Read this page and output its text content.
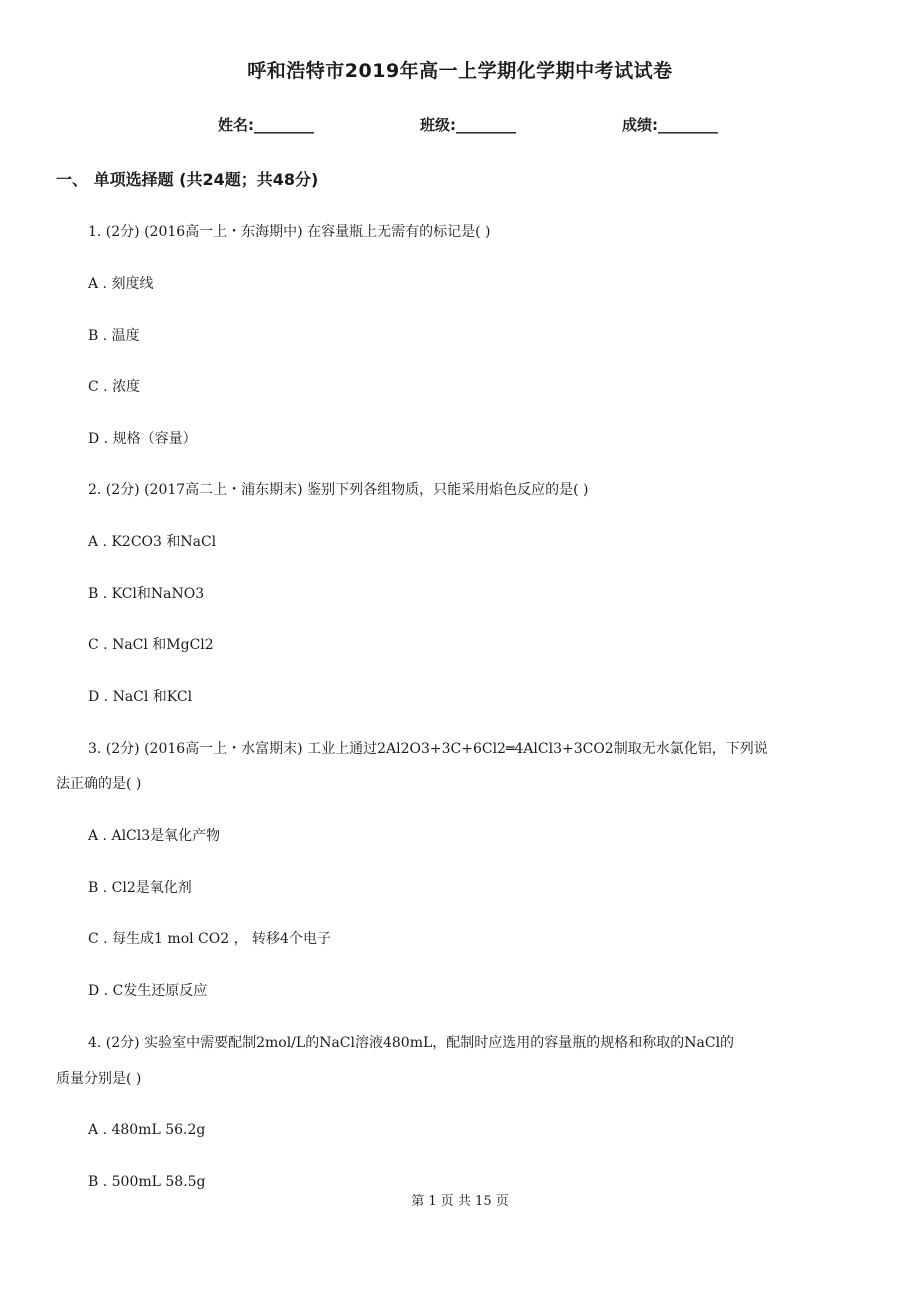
呼和浩特市2019年高一上学期化学期中考试试卷
姓名:________	班级:________	成绩:________
一、 单项选择题 (共24题；共48分)
1. (2分) (2016高一上・东海期中) 在容量瓶上无需有的标记是( )
A . 刻度线
B . 温度
C . 浓度
D . 规格（容量）
2. (2分) (2017高二上・浦东期末) 鉴别下列各组物质，只能采用焰色反应的是( )
A . K2CO3 和NaCl
B . KCl和NaNO3
C . NaCl 和MgCl2
D . NaCl 和KCl
3. (2分) (2016高一上・水富期末) 工业上通过2Al2O3+3C+6Cl2═4AlCl3+3CO2制取无水氯化铝，下列说
法正确的是( )
A . AlCl3是氧化产物
B . Cl2是氧化剂
C . 每生成1 mol CO2 ， 转移4个电子
D . C发生还原反应
4. (2分) 实验室中需要配制2mol/L的NaCl溶液480mL，配制时应选用的容量瓶的规格和称取的NaCl的
质量分别是( )
A . 480mL 56.2g
B . 500mL 58.5g
第 1 页 共 15 页
